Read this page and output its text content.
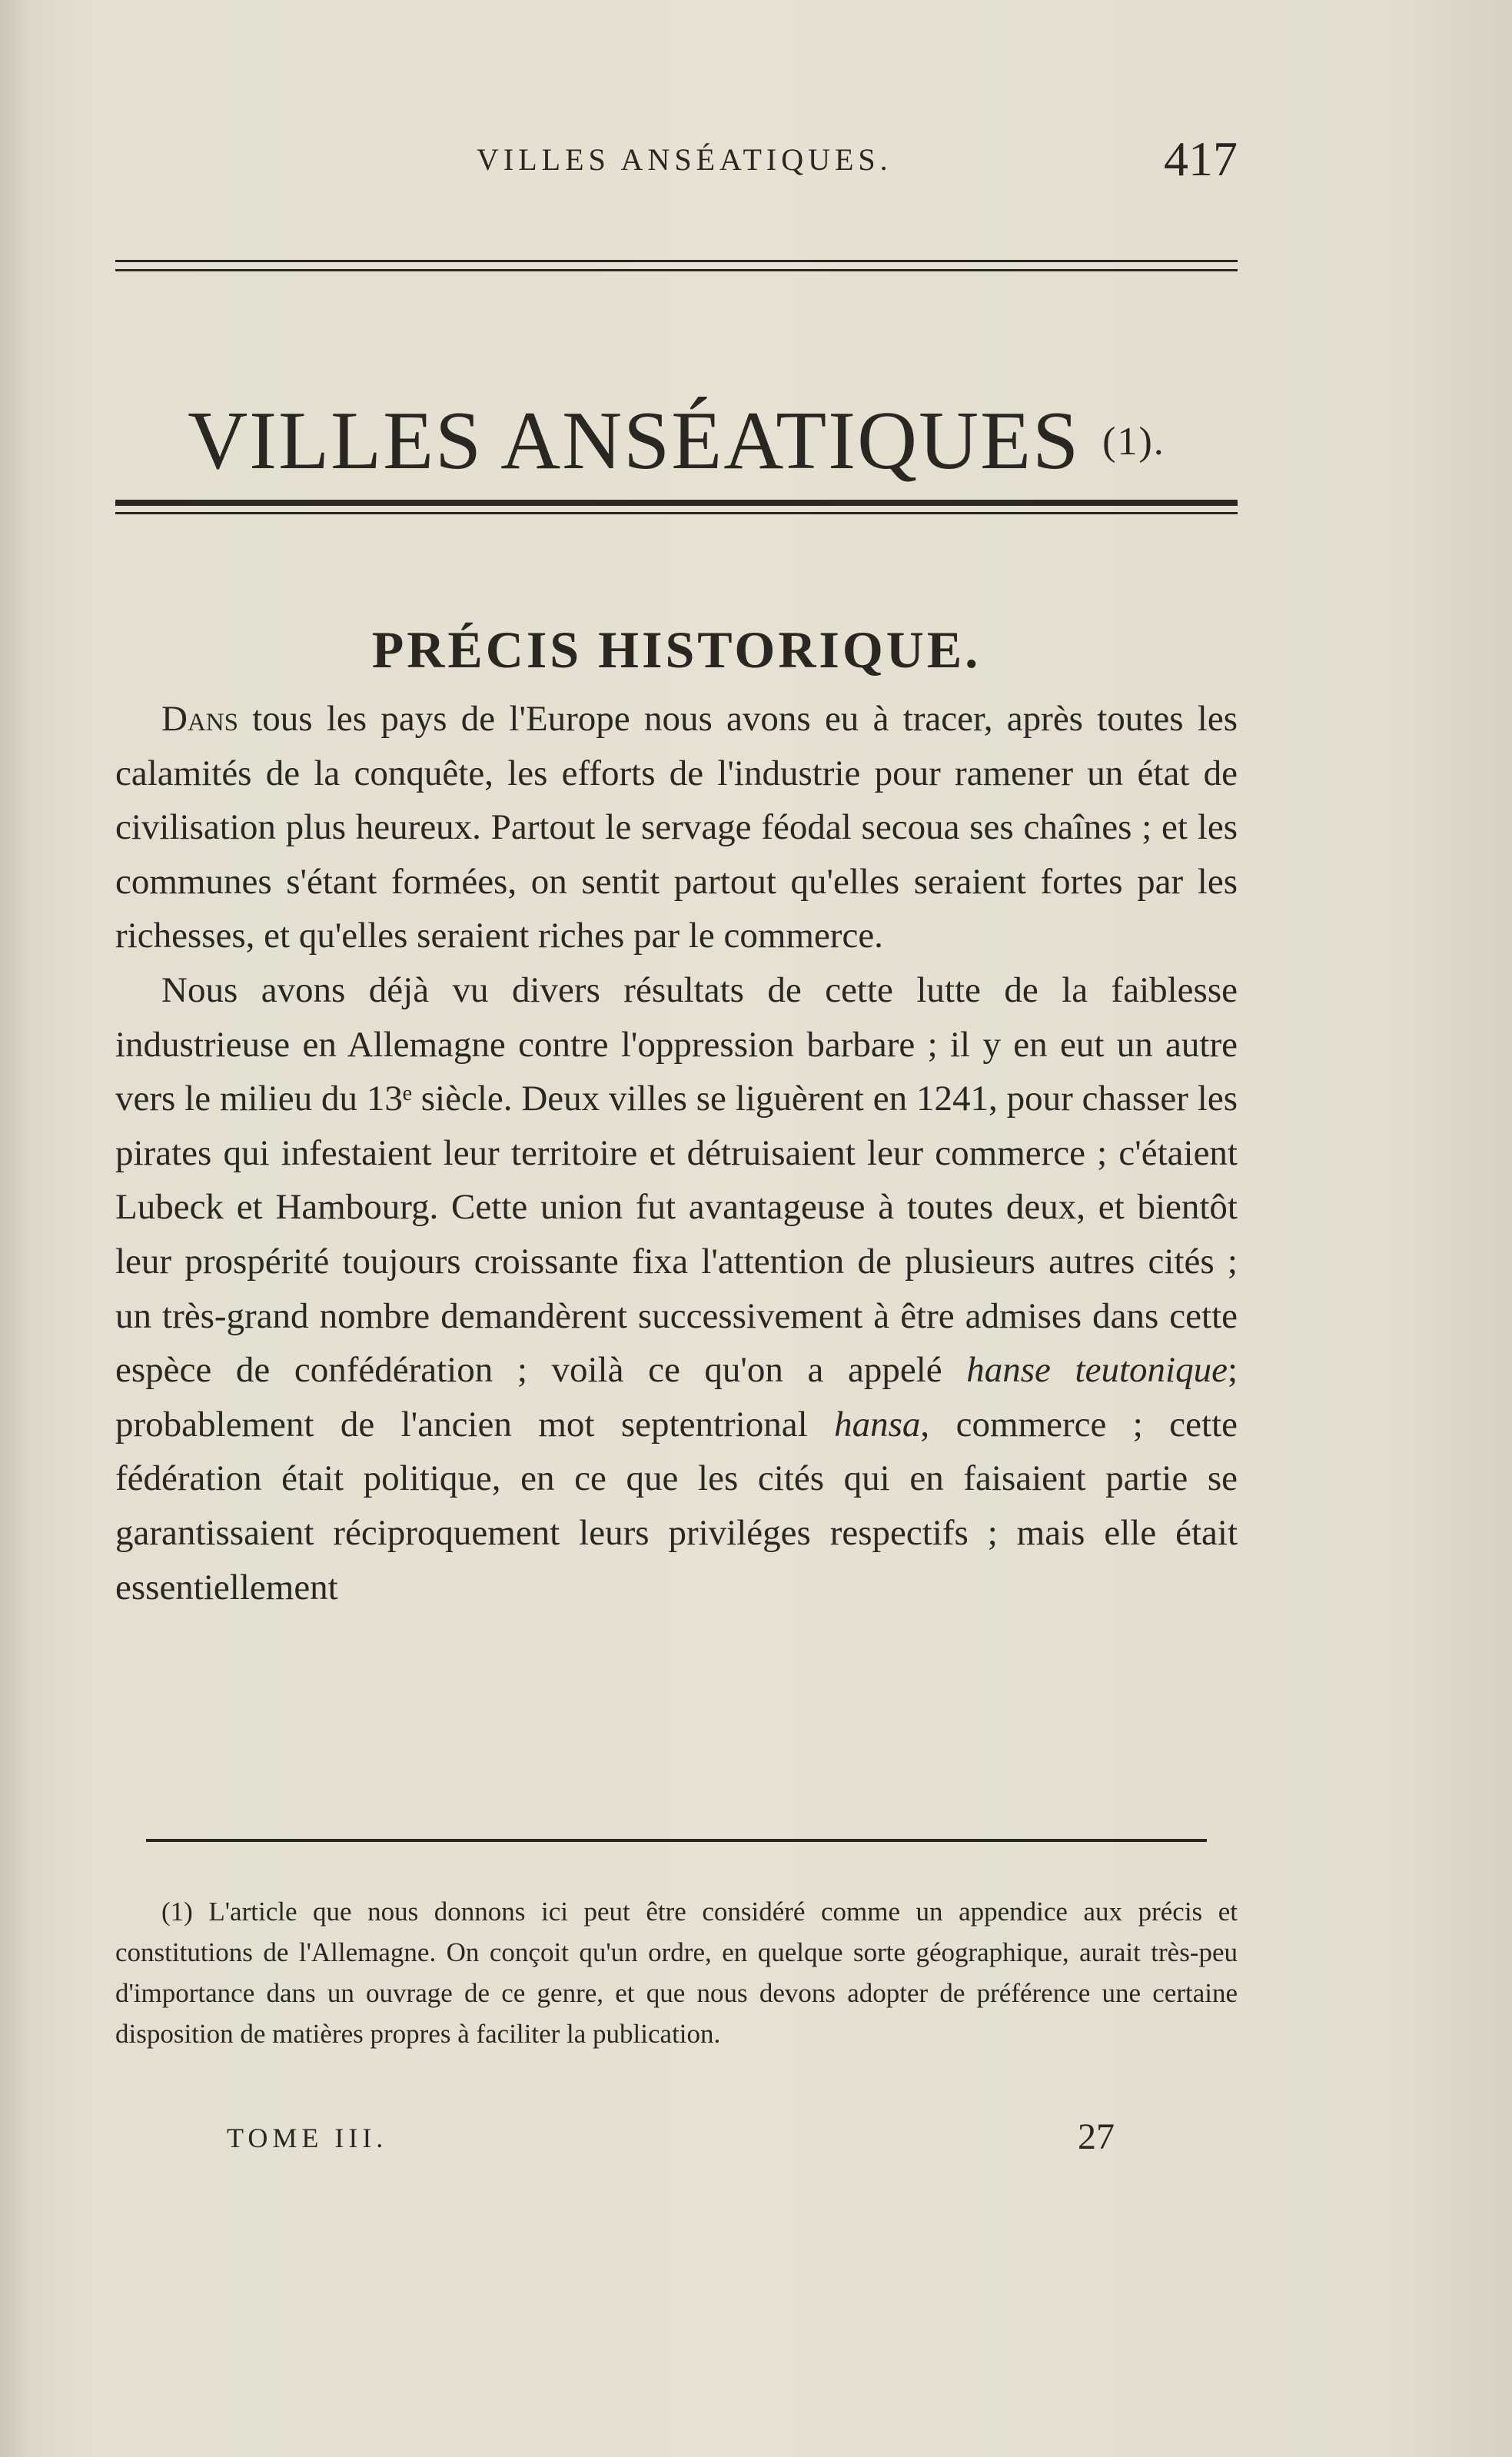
VILLES ANSÉATIQUES.	417
VILLES ANSÉATIQUES (1).
PRÉCIS HISTORIQUE.

Dans tous les pays de l'Europe nous avons eu à tracer, après toutes les calamités de la conquête, les efforts de l'industrie pour ramener un état de civilisation plus heureux. Partout le servage féodal secoua ses chaînes ; et les communes s'étant formées, on sentit partout qu'elles seraient fortes par les richesses, et qu'elles seraient riches par le commerce.

Nous avons déjà vu divers résultats de cette lutte de la faiblesse industrieuse en Allemagne contre l'oppression barbare ; il y en eut un autre vers le milieu du 13ᵉ siècle. Deux villes se liguèrent en 1241, pour chasser les pirates qui infestaient leur territoire et détruisaient leur commerce ; c'étaient Lubeck et Hambourg. Cette union fut avantageuse à toutes deux, et bientôt leur prospérité toujours croissante fixa l'attention de plusieurs autres cités ; un très-grand nombre demandèrent successivement à être admises dans cette espèce de confédération ; voilà ce qu'on a appelé hanse teutonique; probablement de l'ancien mot septentrional hansa, commerce ; cette fédération était politique, en ce que les cités qui en faisaient partie se garantissaient réciproquement leurs priviléges respectifs ; mais elle était essentiellement

(1) L'article que nous donnons ici peut être considéré comme un appendice aux précis et constitutions de l'Allemagne. On conçoit qu'un ordre, en quelque sorte géographique, aurait très-peu d'importance dans un ouvrage de ce genre, et que nous devons adopter de préférence une certaine disposition de matières propres à faciliter la publication.

TOME III.	27
